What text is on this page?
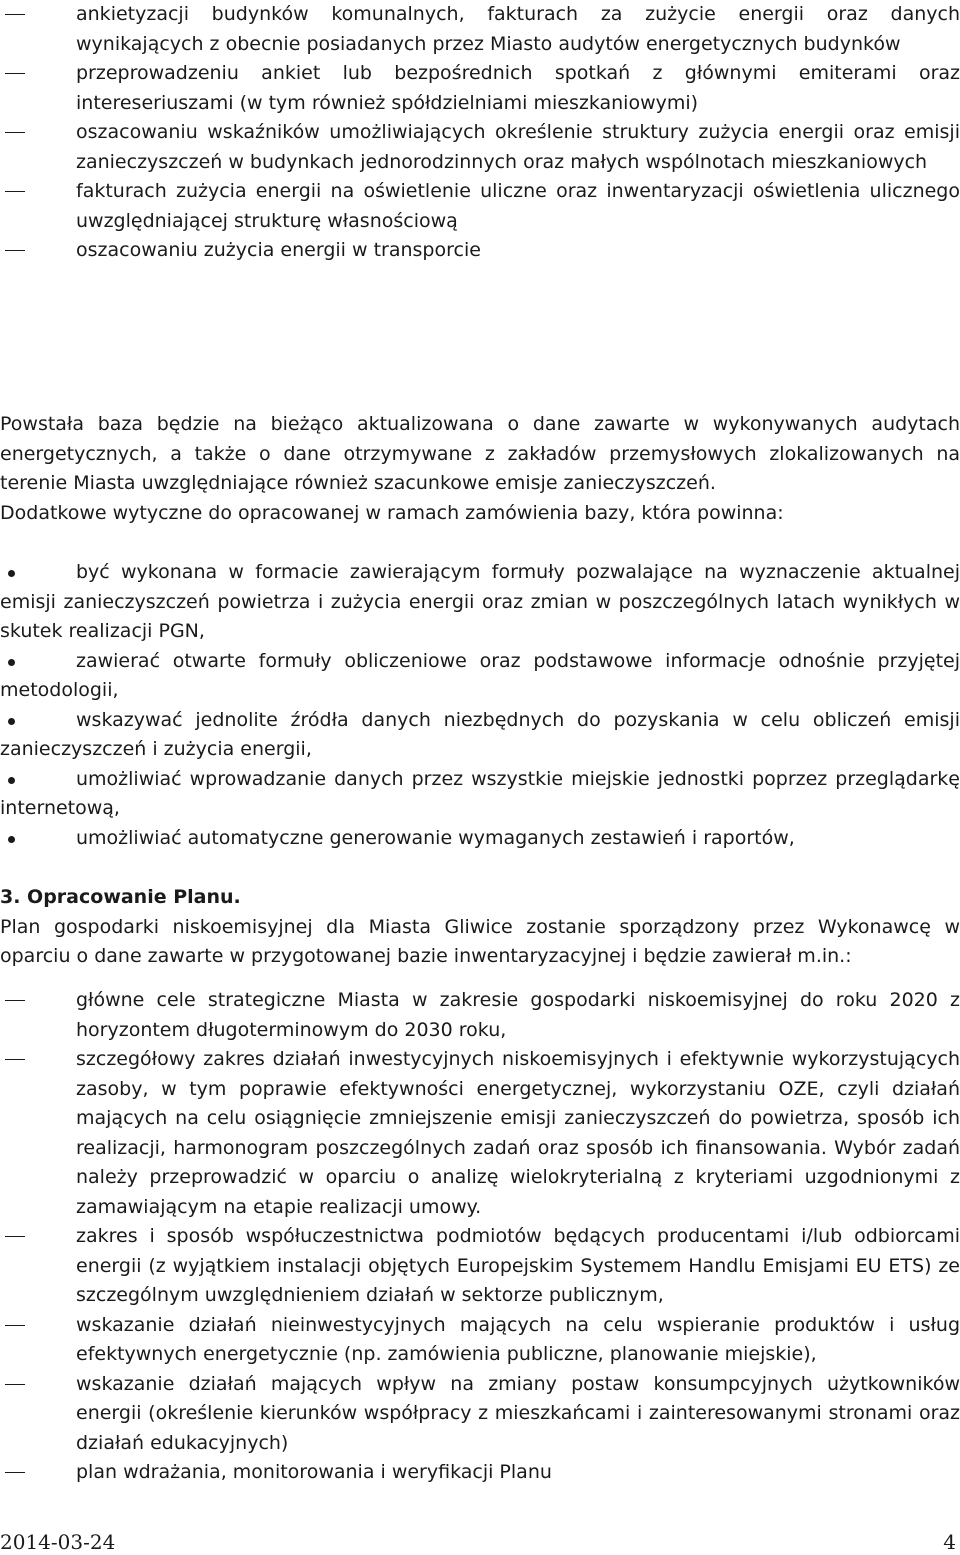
ankietyzacji budynków komunalnych, fakturach za zużycie energii oraz danych wynikających z obecnie posiadanych przez Miasto audytów energetycznych budynków
przeprowadzeniu ankiet lub bezpośrednich spotkań z głównymi emiterami oraz intereseriuszami (w tym również spółdzielniami mieszkaniowymi)
oszacowaniu wskaźników umożliwiających określenie struktury zużycia energii oraz emisji zanieczyszczeń w budynkach jednorodzinnych oraz małych wspólnotach mieszkaniowych
fakturach zużycia energii na oświetlenie uliczne oraz inwentaryzacji oświetlenia ulicznego uwzględniającej strukturę własnościową
oszacowaniu zużycia energii w transporcie

Powstała baza będzie na bieżąco aktualizowana o dane zawarte w wykonywanych audytach energetycznych, a także o dane otrzymywane z zakładów przemysłowych zlokalizowanych na terenie Miasta uwzględniające również szacunkowe emisje zanieczyszczeń.

Dodatkowe wytyczne do opracowanej w ramach zamówienia bazy, która powinna:

być wykonana w formacie zawierającym formuły pozwalające na wyznaczenie aktualnej emisji zanieczyszczeń powietrza i zużycia energii oraz zmian w poszczególnych latach wynikłych w skutek realizacji PGN,

zawierać otwarte formuły obliczeniowe oraz podstawowe informacje odnośnie przyjętej metodologii,

wskazywać jednolite źródła danych niezbędnych do pozyskania w celu obliczeń emisji zanieczyszczeń i zużycia energii,

umożliwiać wprowadzanie danych przez wszystkie miejskie jednostki poprzez przeglądarkę internetową,

umożliwiać automatyczne generowanie wymaganych zestawień i raportów,

3. Opracowanie Planu.

Plan gospodarki niskoemisyjnej dla Miasta Gliwice zostanie sporządzony przez Wykonawcę w oparciu o dane zawarte w przygotowanej bazie inwentaryzacyjnej i będzie zawierał m.in.:

główne cele strategiczne Miasta w zakresie gospodarki niskoemisyjnej do roku 2020 z horyzontem długoterminowym do 2030 roku,
szczegółowy zakres działań inwestycyjnych niskoemisyjnych i efektywnie wykorzystujących zasoby, w tym poprawie efektywności energetycznej, wykorzystaniu OZE, czyli działań mających na celu osiągnięcie zmniejszenie emisji zanieczyszczeń do powietrza, sposób ich realizacji, harmonogram poszczególnych zadań oraz sposób ich finansowania. Wybór zadań należy przeprowadzić w oparciu o analizę wielokryterialną z kryteriami uzgodnionymi z zamawiającym na etapie realizacji umowy.
zakres i sposób współuczestnictwa podmiotów będących producentami i/lub odbiorcami energii (z wyjątkiem instalacji objętych Europejskim Systemem Handlu Emisjami EU ETS) ze szczególnym uwzględnieniem działań w sektorze publicznym,
wskazanie działań nieinwestycyjnych mających na celu wspieranie produktów i usług efektywnych energetycznie (np. zamówienia publiczne, planowanie miejskie),
wskazanie działań mających wpływ na zmiany postaw konsumpcyjnych użytkowników energii (określenie kierunków współpracy z mieszkańcami i zainteresowanymi stronami oraz działań edukacyjnych)
plan wdrażania, monitorowania i weryfikacji Planu
2014-03-24	4
